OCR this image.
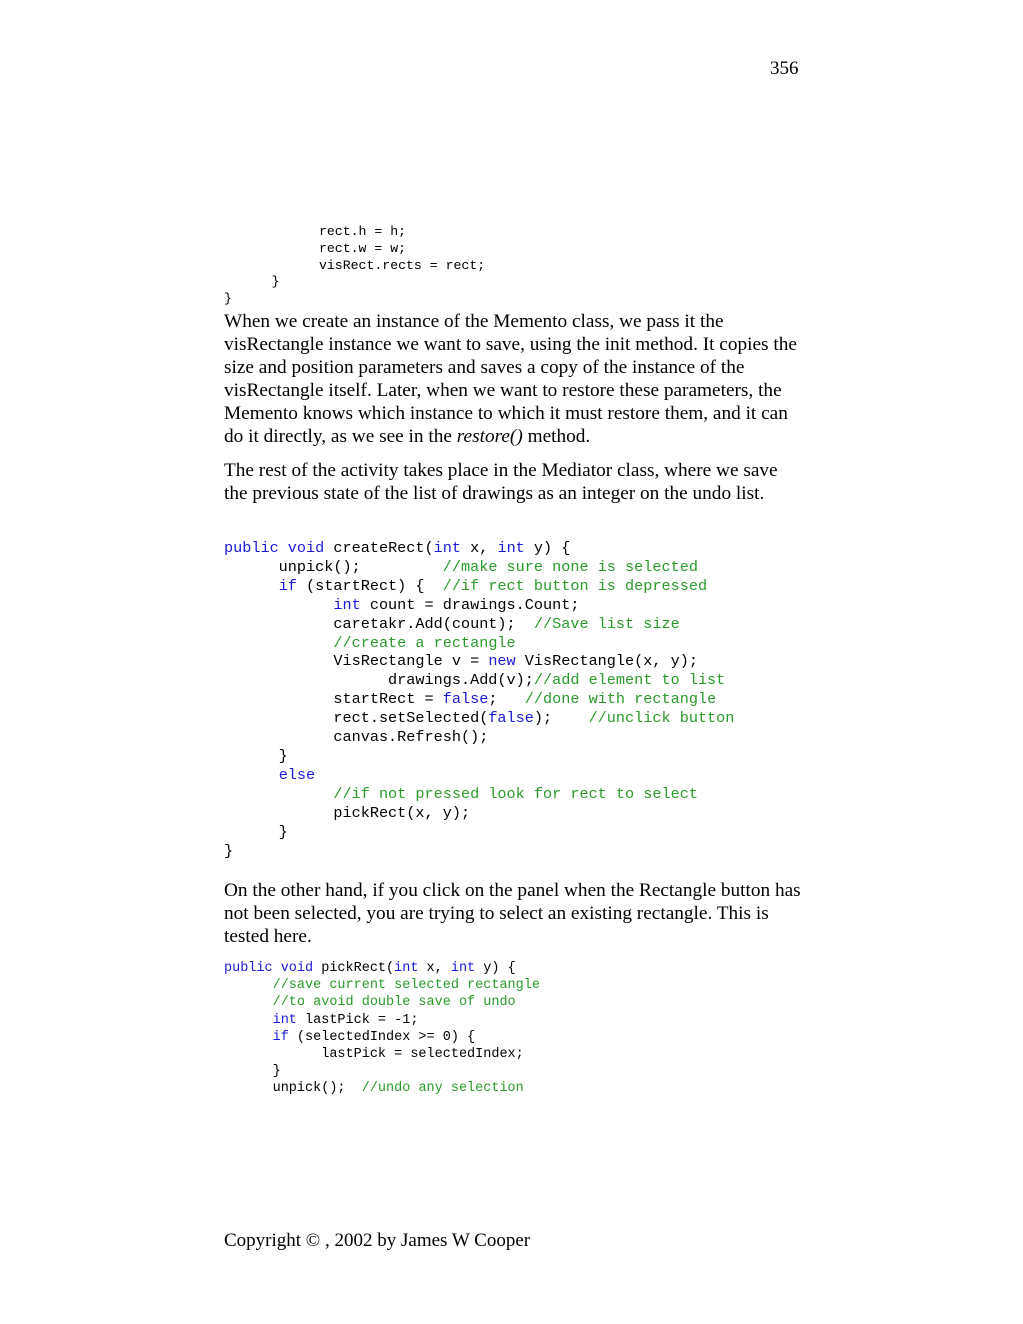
356
rect.h = h;
rect.w = w;
visRect.rects = rect;
}
}

When we create an instance of the Memento class, we pass it the visRectangle instance we want to save, using the init method. It copies the size and position parameters and saves a copy of the instance of the visRectangle itself. Later, when we want to restore these parameters, the Memento knows which instance to which it must restore them, and it can do it directly, as we see in the restore() method.

The rest of the activity takes place in the Mediator class, where we save the previous state of the list of drawings as an integer on the undo list.

public void createRect(int x, int y) {
unpick();         //make sure none is selected
if (startRect) {  //if rect button is depressed
int count = drawings.Count;
caretakr.Add(count);  //Save list size
//create a rectangle
VisRectangle v = new VisRectangle(x, y);
drawings.Add(v);//add element to list
startRect = false;   //done with rectangle
rect.setSelected(false);    //unclick button
canvas.Refresh();
}
else
//if not pressed look for rect to select
pickRect(x, y);
}
}

On the other hand, if you click on the panel when the Rectangle button has not been selected, you are trying to select an existing rectangle. This is tested here.

public void pickRect(int x, int y) {
//save current selected rectangle
//to avoid double save of undo
int lastPick = -1;
if (selectedIndex >= 0) {
lastPick = selectedIndex;
}
unpick();  //undo any selection
Copyright © , 2002 by James W Cooper
